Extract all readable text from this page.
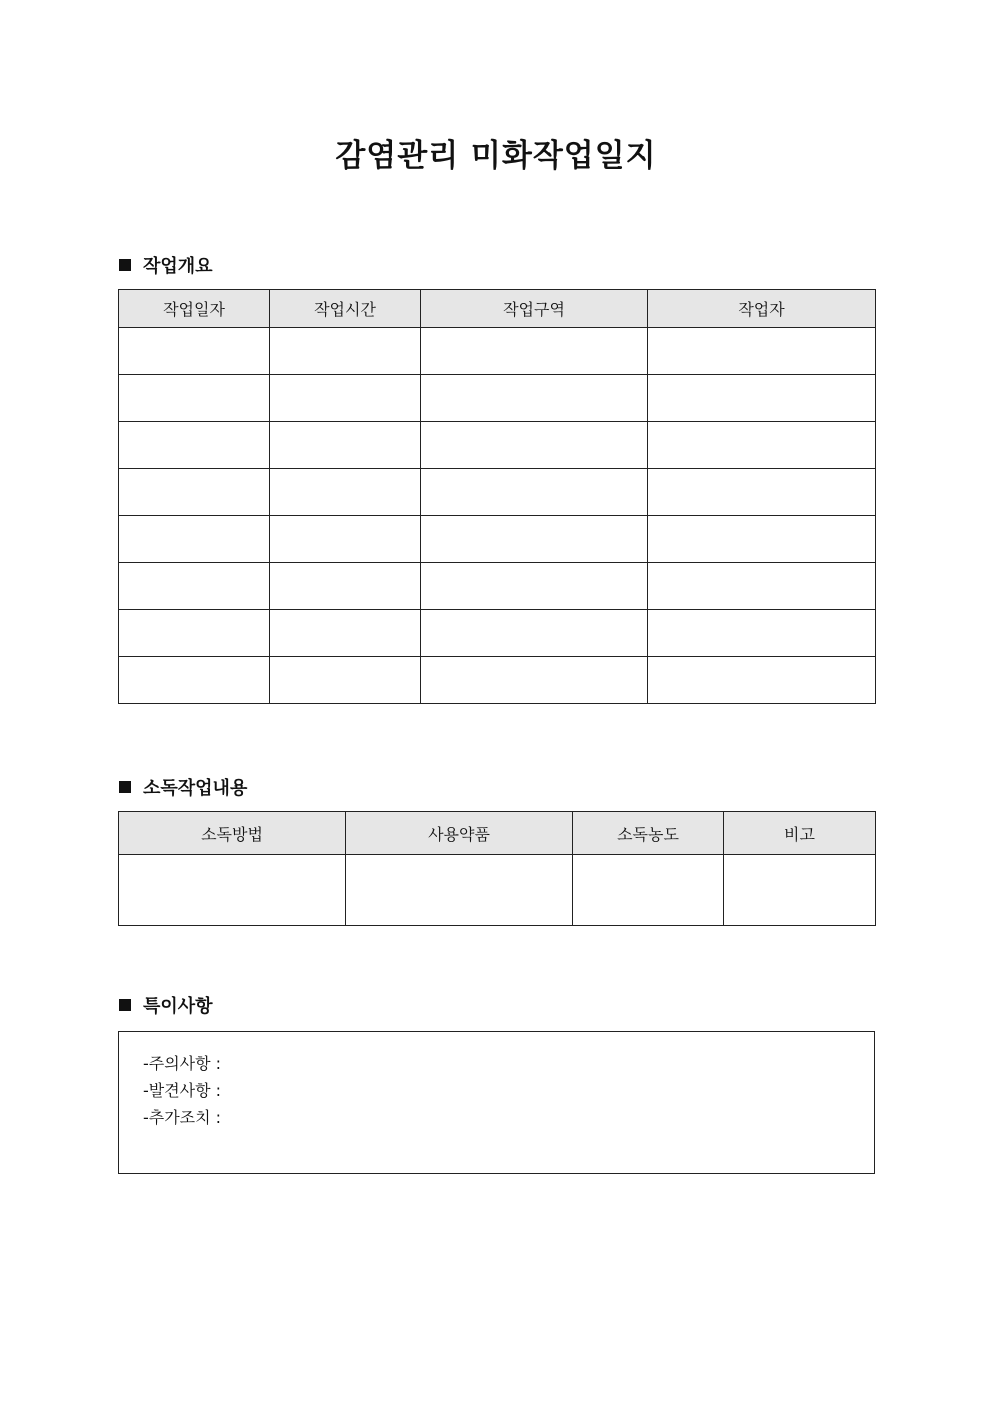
감염관리 미화작업일지
작업개요
작업일자	작업시간	작업구역	작업자

소독작업내용
소독방법	사용약품	소독농도	비고

특이사항
-주의사항 :
-발견사항 :
-추가조치 :
